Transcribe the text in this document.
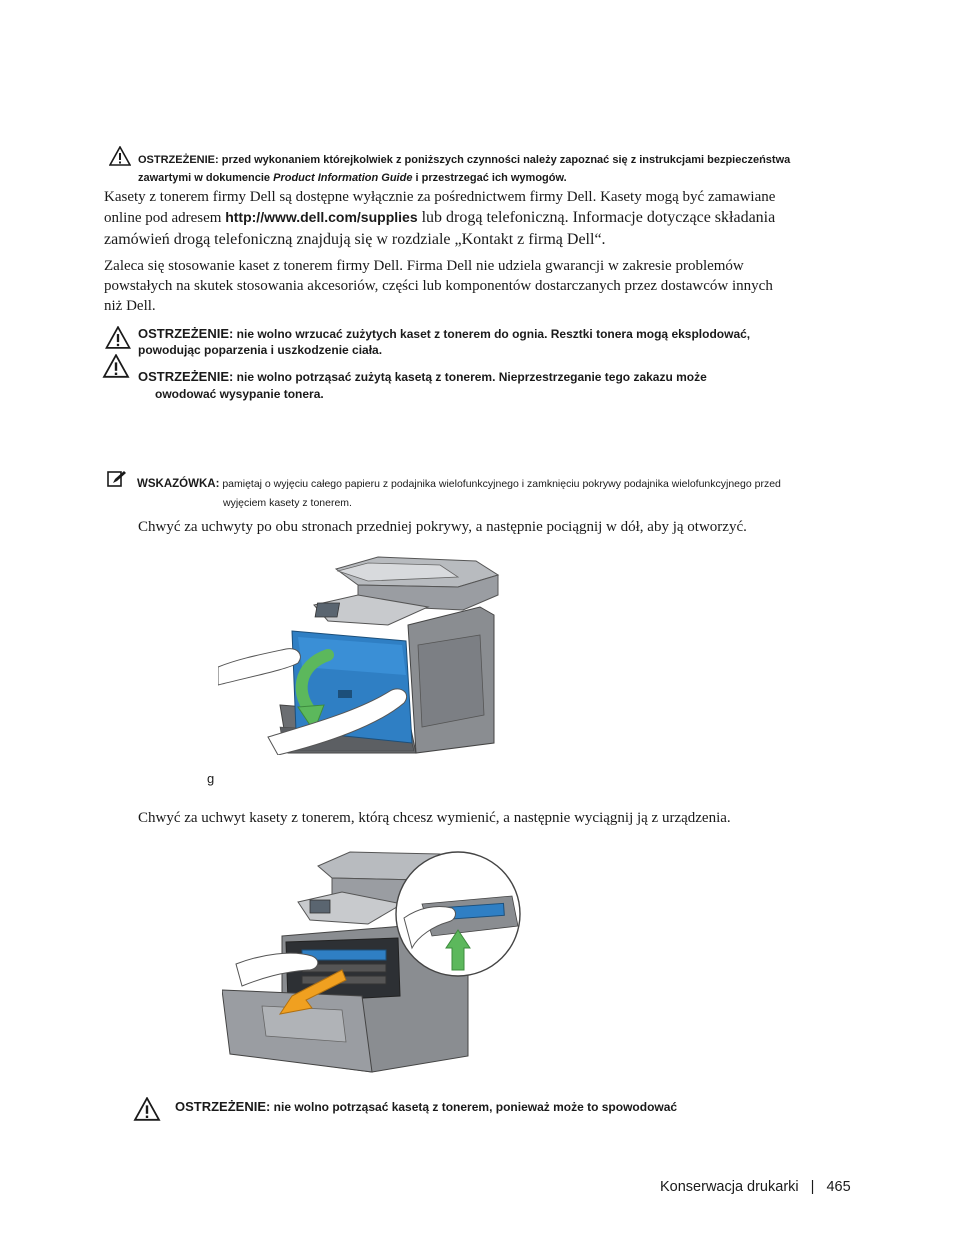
OSTRZEŻENIE: przed wykonaniem którejkolwiek z poniższych czynności należy zapoznać się z instrukcjami bezpieczeństwa
zawartymi w dokumencie Product Information Guide i przestrzegać ich wymogów.
Kasety z tonerem firmy Dell są dostępne wyłącznie za pośrednictwem firmy Dell. Kasety mogą być zamawiane
online pod adresem http://www.dell.com/supplies lub drogą telefoniczną. Informacje dotyczące składania
zamówień drogą telefoniczną znajdują się w rozdziale „Kontakt z firmą Dell“.
Zaleca się stosowanie kaset z tonerem firmy Dell. Firma Dell nie udziela gwarancji w zakresie problemów
powstałych na skutek stosowania akcesoriów, części lub komponentów dostarczanych przez dostawców innych
niż Dell.
OSTRZEŻENIE: nie wolno wrzucać zużytych kaset z tonerem do ognia. Resztki tonera mogą eksplodować,
powodując poparzenia i uszkodzenie ciała.
OSTRZEŻENIE: nie wolno potrząsać zużytą kasetą z tonerem. Nieprzestrzeganie tego zakazu może
owodować wysypanie tonera.
WSKAZÓWKA: pamiętaj o wyjęciu całego papieru z podajnika wielofunkcyjnego i zamknięciu pokrywy podajnika wielofunkcyjnego przed
wyjęciem kasety z tonerem.
Chwyć za uchwyty po obu stronach przedniej pokrywy, a następnie pociągnij w dół, aby ją otworzyć.
g
Chwyć za uchwyt kasety z tonerem, którą chcesz wymienić, a następnie wyciągnij ją z urządzenia.
OSTRZEŻENIE: nie wolno potrząsać kasetą z tonerem, ponieważ może to spowodować
Konserwacja drukarki | 465
